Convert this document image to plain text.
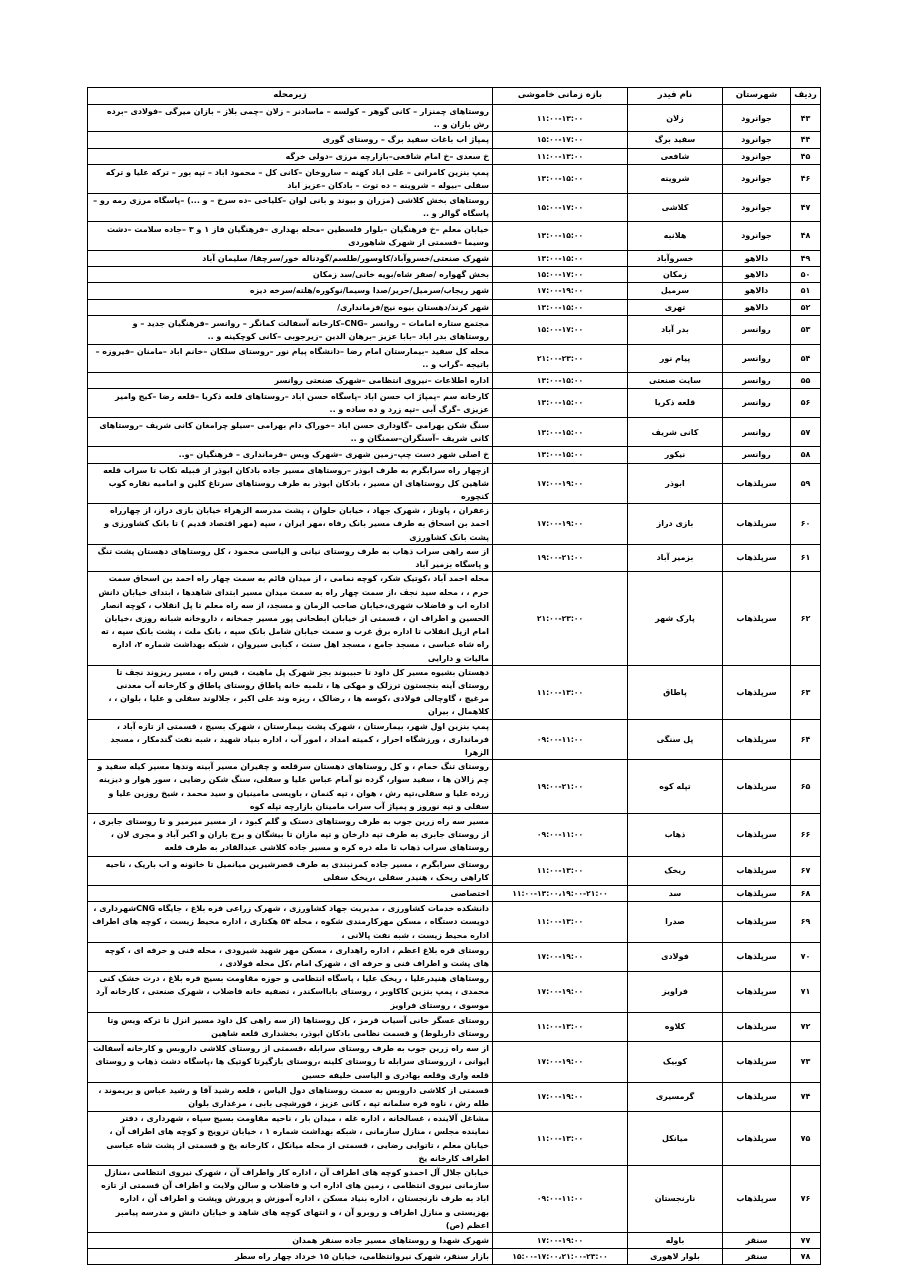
ردیف	شهرستان	نام فیدر	بازه زمانی خاموشی	زیرمحله
۴۳	جوانرود	زلان	۱۱:۰۰-۱۳:۰۰	روستاهای چمنزار – کانی گوهر – کولسه – ماسادنر – زلان –چمی بلاز – بازان میرگی –فولادی –برده رش بازان و ..
۴۴	جوانرود	سفید برگ	۱۵:۰۰-۱۷:۰۰	پمپاژ اب باغات سفید برگ – روستای گوری
۴۵	جوانرود	شافعی	۱۱:۰۰-۱۳:۰۰	خ سعدی –خ امام شافعی–بازارچه مرزی –دولی خرگه
۴۶	جوانرود	شروینه	۱۳:۰۰-۱۵:۰۰	پمپ بنزین کامرانی – علی اباد کهنه – ساروخان –کانی کل – محمود اباد – تپه بور – ترکه علیا و ترکه سفلی –بیوله – شروینه – ده توت – بادکان –عزیز اباد
۴۷	جوانرود	کلاشی	۱۵:۰۰-۱۷:۰۰	روستاهای بخش کلاشی (مزران و بیوند و بانی لوان –کلیاخی –ده سرخ – و ...) –پاسگاه مرزی رمه رو –پاسگاه گوالر و ..
۴۸	جوانرود	هلانبه	۱۳:۰۰-۱۵:۰۰	خیابان معلم –خ فرهنگیان –بلوار فلسطین –محله بهداری –فرهنگیان فاز ۱ و ۳ –جاده سلامت –دشت وسیما –قسمتی از شهرک شاهوردی
۴۹	دالاهو	خسروآباد	۱۳:۰۰-۱۵:۰۰	شهرک صنعتی/خسروآباد/کاوسور/طلسم/گودناله خور/سرچقا/ سلیمان آباد
۵۰	دالاهو	زمکان	۱۵:۰۰-۱۷:۰۰	بخش گهواره /صفر شاه/بویه خانی/سد زمکان
۵۱	دالاهو	سرمیل	۱۷:۰۰-۱۹:۰۰	شهر ریجاب/سرمیل/حریر/صدا وسیما/نوکوره/هلته/سرخه دیزه
۵۲	دالاهو	تهری	۱۳:۰۰-۱۵:۰۰	شهر کرند/دهستان بیوه نیج/فرمانداری/
۵۳	روانسر	بدر آباد	۱۵:۰۰-۱۷:۰۰	مجتمع ستاره امامات – روانسر –CNG–کارخانه آسفالت کمانگر – روانسر –فرهنگیان جدید – و روستاهای بدر اباد –بابا عزیز –برهان الدین –زیرجوبی –کانی کوچکینه و ..
۵۴	روانسر	پیام نور	۲۱:۰۰-۲۳:۰۰	محله کل سفید –بیمارستان امام رضا –دانشگاه پیام نور –روستای سلکان –خانم اباد –مامنان –فیروزه – باتیجه –گراب و ..
۵۵	روانسر	سایت صنعتی	۱۳:۰۰-۱۵:۰۰	اداره اطلاعات –نیروی انتظامی –شهرک صنعتی روانسر
۵۶	روانسر	قلعه ذکریا	۱۳:۰۰-۱۵:۰۰	کارخانه سم –پمپاژ اب حسن اباد –پاسگاه حسن اباد –روستاهای قلعه ذکریا –قلعه رضا –کیج وامیر عزیزی –گرگ آبی –تپه زرد و ده ساده و ..
۵۷	روانسر	کانی شریف	۱۳:۰۰-۱۵:۰۰	سنگ شکن بهرامی –گاوداری حسن اباد –خوراک دام بهرامی –سیلو چرامغان کانی شریف –روستاهای کانی شریف –آسنگران–سمنگان و ..
۵۸	روانسر	نیکور	۱۳:۰۰-۱۵:۰۰	خ اصلی شهر دست چپ–زمین شهری –شهرک ویس –فرمانداری – فرهنگیان –و..
۵۹	سرپلذهاب	ابوذر	۱۷:۰۰-۱۹:۰۰	ازچهار راه سرابگرم به طرف ابوذر –روستاهای مسیر جاده بادکان ابوذر از قبیله تکاب تا سراب قلعه شاهین کل روستاهای ان مسیر ، بادکان ابوذر به طرف روستاهای سرتاغ کلین و امامیه نقاره کوب کنچوره
۶۰	سرپلذهاب	بازی دراز	۱۷:۰۰-۱۹:۰۰	زعفران ، پاوناز ، شهرک جهاد ، خیابان حلوان ، پشت مدرسه الزهراء خیابان بازی دراز، از چهارراه احمد بن اسحاق به طرف مسیر بانک رفاه ،مهر ایران ، سپه (مهر اقتصاد قدیم ) تا بانک کشاورزی و پشت بانک کشاورزی
۶۱	سرپلذهاب	بزمیر آباد	۱۹:۰۰-۲۱:۰۰	از سه راهی سراب ذهاب به طرف روستای نیانی و الیاسی محمود ، کل روستاهای دهستان پشت تنگ و پاسگاه بزمیر آباد
۶۲	سرپلذهاب	پارک شهر	۲۱:۰۰-۲۳:۰۰	محله احمد آباد ،کوتیک شکر، کوچه نمامی ، از میدان قائم به سمت چهار راه احمد بن اسحاق سمت حرم ، ، محله سید نجف ،از سمت چهار راه به سمت میدان مسیر ابتدای شاهدها ، ابتدای خیابان دانش اداره اب و فاضلاب شهری،خیابان صاحب الزمان و مسجد، از سه راه معلم تا پل انقلاب ، کوچه انصار الحسین و اطراف ان ، قسمتی از خیابان ابطحانی پور مسیر جمخانه ، داروخانه شبانه روزی ،خیابان امام ازپل انقلاب تا اداره برق غرب و سمت خیابان شامل بانک سپه ، بانک ملت ، پشت بانک سپه ، ته راه شاه عباسی ، مسجد جامع ، مسجد اهل سنت ، کبابی سیروان ، شبکه بهداشت شماره ۲، اداره مالیات و دارایی
۶۳	سرپلذهاب	پاطاق	۱۱:۰۰-۱۳:۰۰	دهستان بشیوه مسیر کل داود تا حبیبوند بجز شهرک پل ماهیت ، قیس راه ، مسیر ریزوند نجف تا روستای آینه بنجستون ترزلک و مهکی ها ، تلمبه خانه پاطاق روستای پاطاق و کارخانه آب معدنی مرغیچ ، گاوچالی فولادی ،کوسه ها ، رضالک ، ریزه وند علی اکبر ، جلالوند سفلی و علیا ، بلوان ، ، کلاهمال ، بیران
۶۴	سرپلذهاب	پل سنگی	۰۹:۰۰-۱۱:۰۰	پمپ بنزین اول شهر، بیمارستان ، شهرک پشت بیمارستان ، شهرک بسیج ، قسمتی از تازه آباد ، فرمانداری ، ورزشگاه احرار ، کمیته امداد ، امور آب ، اداره بنیاد شهید ، شبه نفت گندمکار ، مسجد الزهرا
۶۵	سرپلذهاب	تپله کوه	۱۹:۰۰-۲۱:۰۰	روستای تنگ حمام ، و کل روستاهای دهستان سرقلعه و چقیران مسیر آبینه وندها مسیر کیله سفید و چم زالان ها ، سفید سوار، گرده نو آمام عباس علیا و سفلی، سنگ شکن رضایی ، سور هوار و دیزینه زرده علیا و سفلی،تپه رش ، هوان ، تپه کنمان ، باویسی مامینیان و سید محمد ، شیخ روزین علیا و سفلی و تپه نوروز و پمپاژ آب سراب مامینان بازارچه تپله کوه
۶۶	سرپلذهاب	ذهاب	۰۹:۰۰-۱۱:۰۰	مسیر سه راه زرین جوب به طرف روستاهای دستک و گلم کبود ، از مسیر میرمیر و تا روستای جابری ، از روستای جابری به طرف تپه دارخان و تپه مازان تا بیشگان و برج باران و اکبر آباد و مجری لان ، روستاهای سراب ذهاب تا مله دره کره و مسیر جاده کلاشی عبدالقادر به طرف قلعه
۶۷	سرپلذهاب	ریخک	۱۱:۰۰-۱۳:۰۰	روستای سرابگرم ، مسیر جاده کمرنبندی به طرف قصرشیرین میانمیل تا خانونه و اب باریک ، ناحیه کاراهی ریخک ، هنیدر سفلی ،ریخک سفلی
۶۸	سرپلذهاب	سد	۱۱:۰۰-۱۳:۰۰،۱۹:۰۰-۲۱:۰۰	اختصاصی
۶۹	سرپلذهاب	صدرا	۱۱:۰۰-۱۳:۰۰	دانشکده خدمات کشاورزی ، مدیریت جهاد کشاورزی ، شهرک زراعی فره بلاغ ، جایگاه CNGشهرداری ، دویست دستگاه ، مسکن مهرکارمندی شکوه ، محله ۵۴ هکتاری ، اداره محیط زیست ، کوچه های اطراف اداره محیط زیست ، شبه نفت پالانی ،
۷۰	سرپلذهاب	فولادی	۱۷:۰۰-۱۹:۰۰	روستای قره بلاغ اعظم ، اداره راهداری ، مسکن مهر شهید شیرودی ، محله فنی و حرفه ای ، کوچه های پشت و اطراف فنی و حرفه ای ، شهرک امام ،کل محله فولادی ،
۷۱	سرپلذهاب	فراویز	۱۷:۰۰-۱۹:۰۰	روستاهای هنیدرعلیا ، ریخک علیا ، پاسگاه انتظامی و حوزه مقاومت بسیج فره بلاغ ، درت خشک کنی محمدی ، پمپ بنزین کاکاوبر ، روستای بابااسکندر ، تصفیه خانه فاضلاب ، شهرک صنعتی ، کارخانه آرد موسوی ، روستای فراویز
۷۲	سرپلذهاب	کلاوه	۱۱:۰۰-۱۳:۰۰	روستای عسگر خانی آسیاب قرمز ، کل روستاها (از سه راهی کل داود مسیر انزل تا ترکه ویس وتا روستای داربلوط) و قسمت نظامی بادکان ابوذر، بخشداری قلعه شاهین
۷۳	سرپلذهاب	کوبیک	۱۷:۰۰-۱۹:۰۰	از سه راه زرین جوب به طرف روستای سرابله ،قسمتی از روستای کلاشی داروبس و کارخانه آسفالت ایوانی ، ازروستای سرابله تا روستای کلینه ،روستای بازگیرتا کوتیک ها ،پاسگاه دشت ذهاب و روستای قلعه واری وقلعه بهادری و الیاسی خلیفه حسین
۷۴	سرپلذهاب	گرمسیری	۱۷:۰۰-۱۹:۰۰	قسمتی از کلاشی داروبس به سمت روستاهای دول الیاس ، قلعه رشید آقا و رشید عباس و بریموند ، طله رش ، ناوه فره سلمانه تپه ، کانی عزیز ، فورشچی بابی ، مرغداری بلوان
۷۵	سرپلذهاب	میانکل	۱۱:۰۰-۱۳:۰۰	مشاغل آلاینده ، غسالخانه ، اداره غله ، میدان بار ، ناحیه مقاومت بسیج سپاه ، شهرداری ، دفتر نماینده مجلس ، منازل سازمانی ، شبکه بهداشت شماره ۱ ، خیابان ترویج و کوچه های اطراف آن ، خیابان معلم ، تاتوایی رضایی ، قسمتی از محله میانکل ، کارخانه یخ و قسمتی از پشت شاه عباسی اطراف کارخانه یخ
۷۶	سرپلذهاب	نارنجستان	۰۹:۰۰-۱۱:۰۰	خیابان جلال آل احمدو کوچه های اطراف آن ، اداره کار واطراف آن ، شهرک نیروی انتظامی ،منازل سازمانی نیروی انتظامی ، زمین های اداره اب و فاضلاب و سالن ولایت و اطراف آن قسمتی از تازه اباد به طرف نارنجستان ، اداره بنیاد مسکن ، اداره آموزش و پرورش وپشت و اطراف آن ، اداره بهزیستی و منازل اطراف و روبرو آن ، و انتهای کوچه های شاهد و خیابان دانش و مدرسه پیامبر اعظم (ص)
۷۷	سنقر	باوله	۱۷:۰۰-۱۹:۰۰	شهرک شهدا و روستاهای مسیر جاده سنقر همدان
۷۸	سنقر	بلوار لاهوری	۱۵:۰۰-۱۷:۰۰،۲۱:۰۰-۲۳:۰۰	بازار سنقر، شهرک نیروانتظامی، خیابان ۱۵ خرداد چهار راه سطر
